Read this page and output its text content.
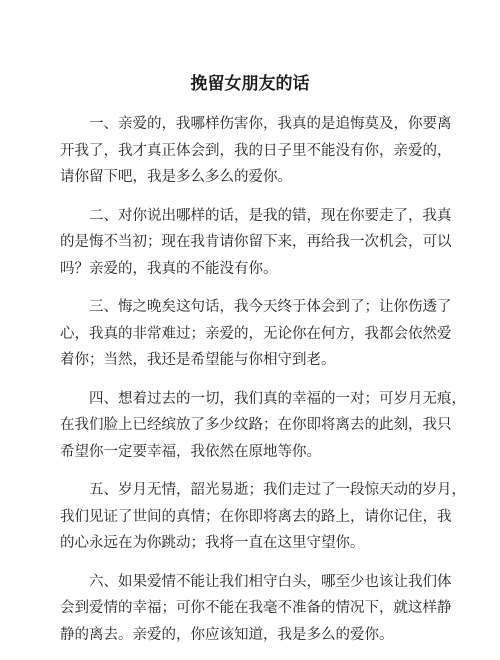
挽留女朋友的话

一、亲爱的，我哪样伤害你，我真的是追悔莫及，你要离
开我了，我才真正体会到，我的日子里不能没有你，亲爱的，
请你留下吧，我是多么多么的爱你。

二、对你说出哪样的话，是我的错，现在你要走了，我真
的是悔不当初；现在我肯请你留下来，再给我一次机会，可以
吗？亲爱的，我真的不能没有你。

三、悔之晚矣这句话，我今天终于体会到了；让你伤透了
心，我真的非常难过；亲爱的，无论你在何方，我都会依然爱
着你；当然，我还是希望能与你相守到老。

四、想着过去的一切，我们真的幸福的一对；可岁月无痕，
在我们脸上已经缤放了多少纹路；在你即将离去的此刻，我只
希望你一定要幸福，我依然在原地等你。

五、岁月无情，韶光易逝；我们走过了一段惊天动的岁月，
我们见证了世间的真情；在你即将离去的路上，请你记住，我
的心永远在为你跳动；我将一直在这里守望你。

六、如果爱情不能让我们相守白头，哪至少也该让我们体
会到爱情的幸福；可你不能在我毫不准备的情况下，就这样静
静的离去。亲爱的，你应该知道，我是多么的爱你。
